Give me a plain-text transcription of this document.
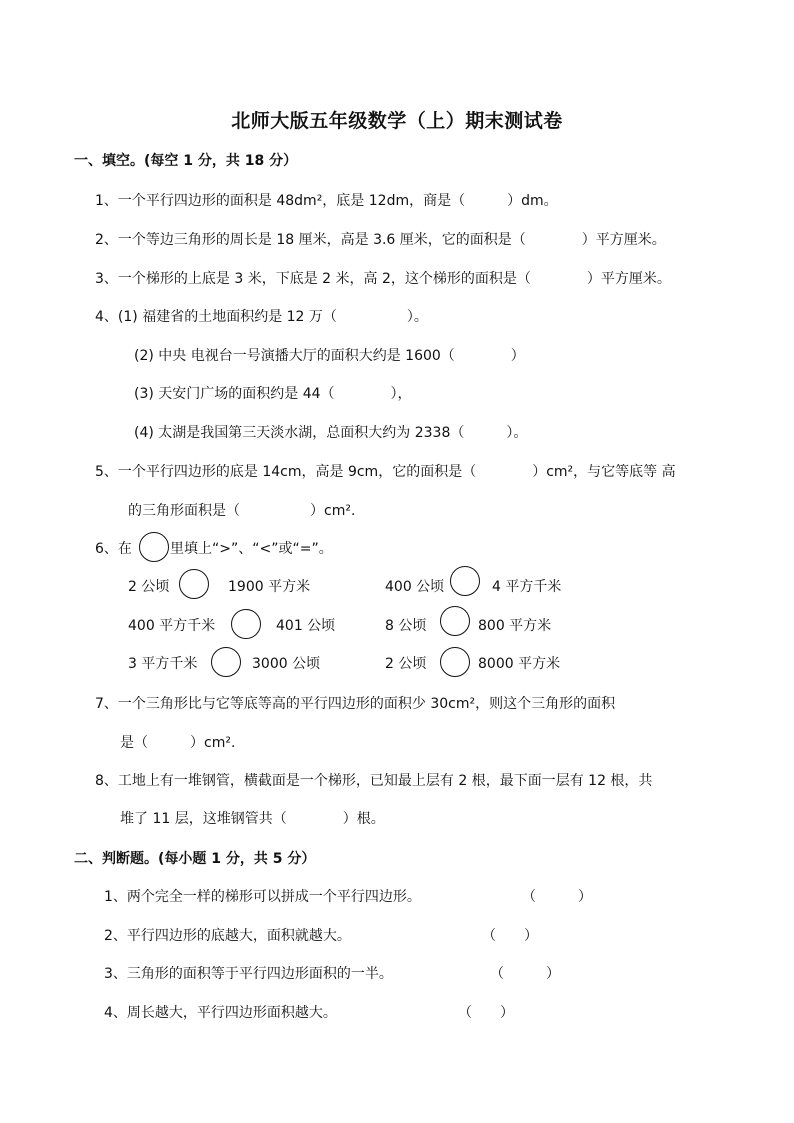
北师大版五年级数学（上）期末测试卷
一、填空。(每空 1 分，共 18 分）
1、一个平行四边形的面积是 48dm²，底是 12dm，商是（　　　）dm。
2、一个等边三角形的周长是 18 厘米，高是 3.6 厘米，它的面积是（　　　　）平方厘米。
3、一个梯形的上底是 3 米，下底是 2 米，高 2，这个梯形的面积是（　　　　）平方厘米。
4、(1) 福建省的土地面积约是 12 万（　　　　　）。
(2) 中央 电视台一号演播大厅的面积大约是 1600（　　　　）
(3) 天安门广场的面积约是 44（　　　　），
(4) 太湖是我国第三天淡水湖，总面积大约为 2338（　　　）。
5、一个平行四边形的底是 14cm，高是 9cm，它的面积是（　　　　）cm²，与它等底等 高
的三角形面积是（　　　　　）cm².
6、在	里填上“>”、“<”或“=”。
2 公顷	1900 平方米	400 公顷	4 平方千米
400 平方千米	401 公顷	8 公顷	800 平方米
3 平方千米	3000 公顷	2 公顷	8000 平方米
7、一个三角形比与它等底等高的平行四边形的面积少 30cm²，则这个三角形的面积
是（　　　）cm².
8、工地上有一堆钢管，横截面是一个梯形，已知最上层有 2 根，最下面一层有 12 根，共
堆了 11 层，这堆钢管共（　　　　）根。
二、判断题。(每小题 1 分，共 5 分）
1、两个完全一样的梯形可以拼成一个平行四边形。	（　　　）
2、平行四边形的底越大，面积就越大。	（　　）
3、三角形的面积等于平行四边形面积的一半。	（　　　）
4、周长越大，平行四边形面积越大。	（　　）
